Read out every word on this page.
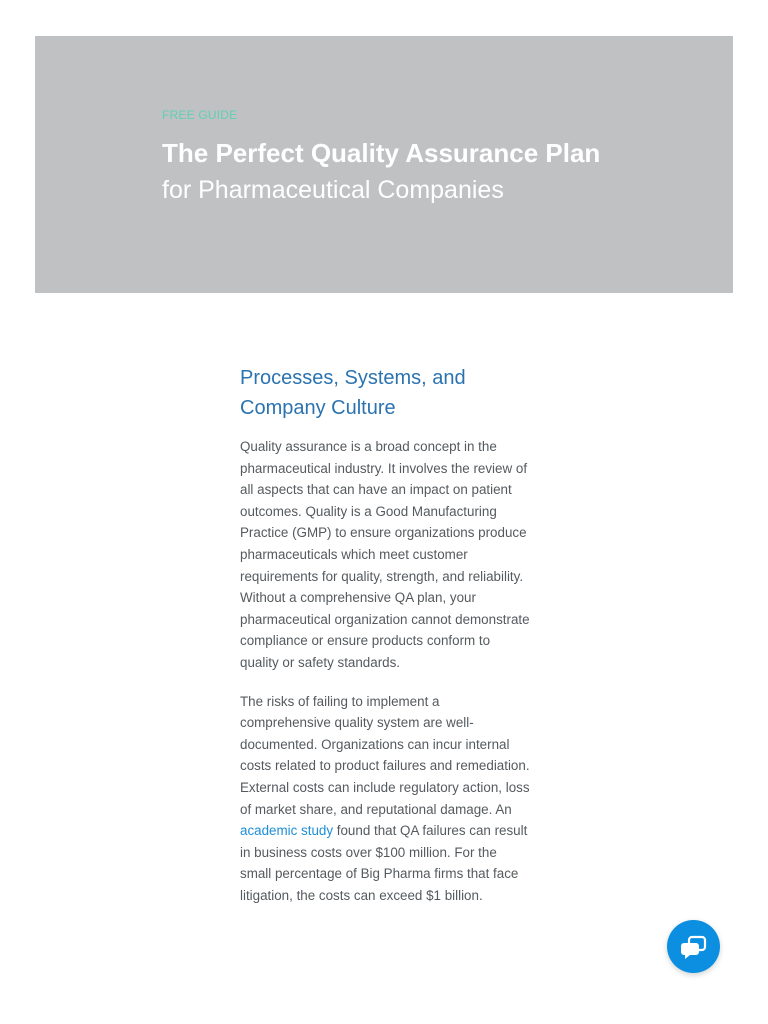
FREE GUIDE
The Perfect Quality Assurance Plan
for Pharmaceutical Companies
Processes, Systems, and Company Culture

Quality assurance is a broad concept in the pharmaceutical industry. It involves the review of all aspects that can have an impact on patient outcomes. Quality is a Good Manufacturing Practice (GMP) to ensure organizations produce pharmaceuticals which meet customer requirements for quality, strength, and reliability. Without a comprehensive QA plan, your pharmaceutical organization cannot demonstrate compliance or ensure products conform to quality or safety standards.

The risks of failing to implement a comprehensive quality system are well-documented. Organizations can incur internal costs related to product failures and remediation. External costs can include regulatory action, loss of market share, and reputational damage. An academic study found that QA failures can result in business costs over $100 million. For the small percentage of Big Pharma firms that face litigation, the costs can exceed $1 billion.
